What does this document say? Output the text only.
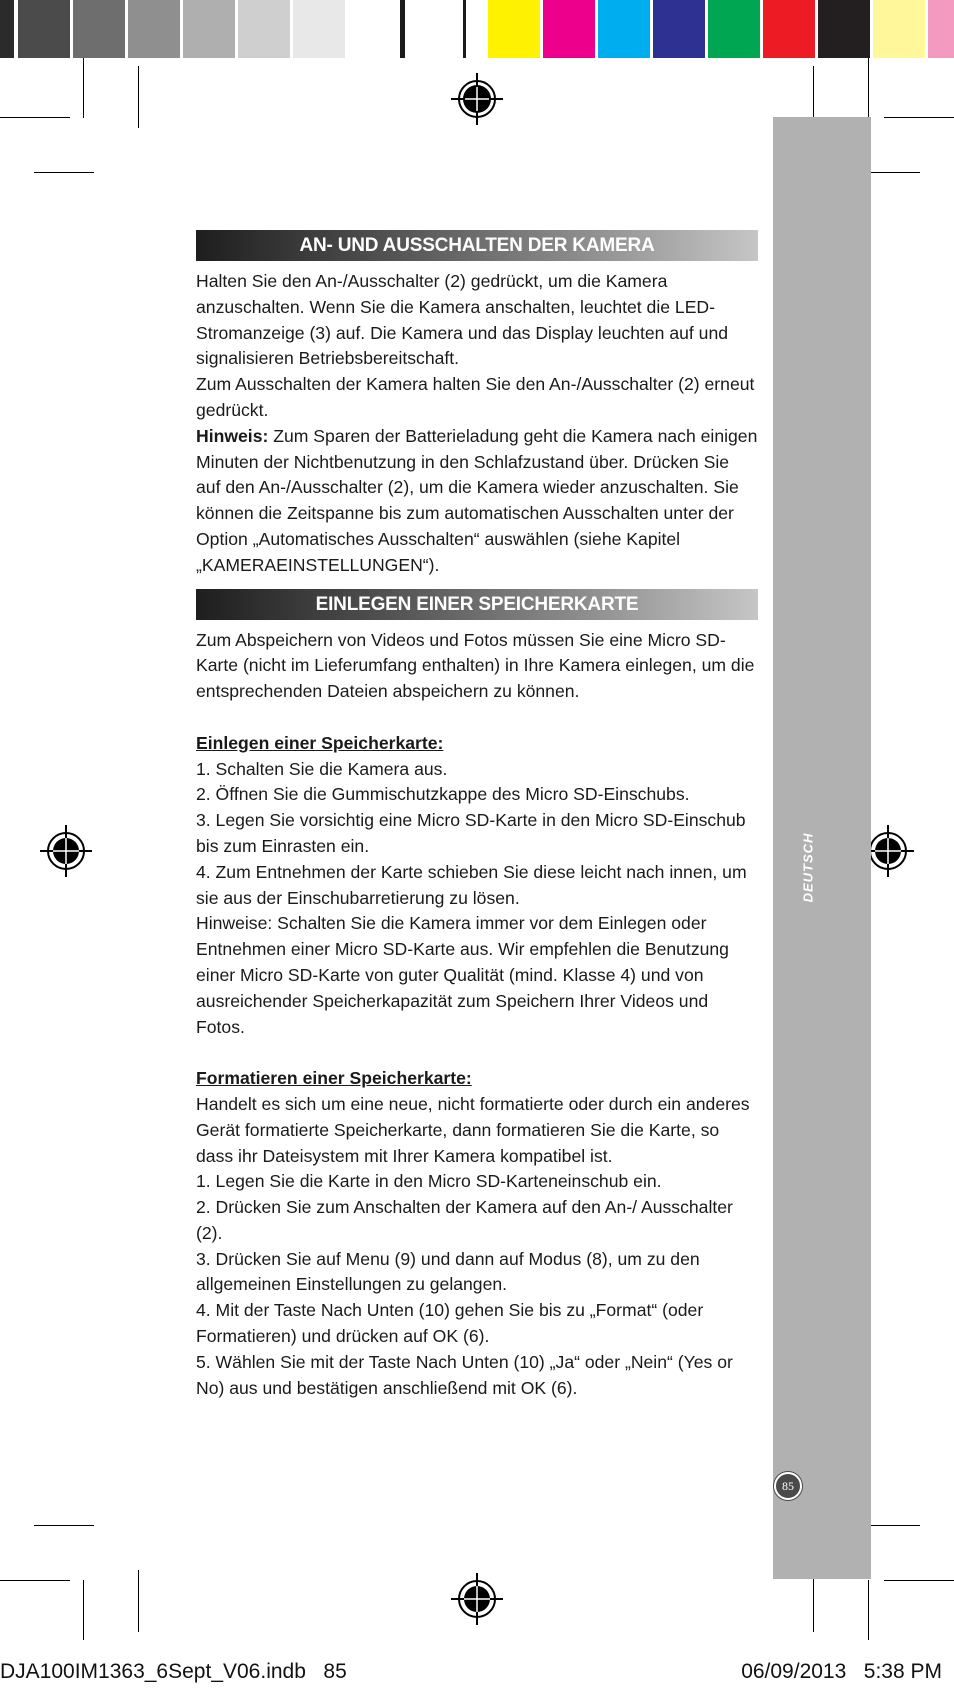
DEUTSCH
85
AN- UND AUSSCHALTEN DER KAMERA

Halten Sie den An-/Ausschalter (2) gedrückt, um die Kamera anzuschalten. Wenn Sie die Kamera anschalten, leuchtet die LED-Stromanzeige (3) auf. Die Kamera und das Display leuchten auf und signalisieren Betriebsbereitschaft.

Zum Ausschalten der Kamera halten Sie den An-/Ausschalter (2) erneut gedrückt.

Hinweis: Zum Sparen der Batterieladung geht die Kamera nach einigen Minuten der Nichtbenutzung in den Schlafzustand über. Drücken Sie auf den An-/Ausschalter (2), um die Kamera wieder anzuschalten. Sie können die Zeitspanne bis zum automatischen Ausschalten unter der Option „Automatisches Ausschalten“ auswählen (siehe Kapitel „KAMERAEINSTELLUNGEN“).

EINLEGEN EINER SPEICHERKARTE

Zum Abspeichern von Videos und Fotos müssen Sie eine Micro SD-Karte (nicht im Lieferumfang enthalten) in Ihre Kamera einlegen, um die entsprechenden Dateien abspeichern zu können.

Einlegen einer Speicherkarte:

1. Schalten Sie die Kamera aus.

2. Öffnen Sie die Gummischutzkappe des Micro SD-Einschubs.

3. Legen Sie vorsichtig eine Micro SD-Karte in den Micro SD-Einschub bis zum Einrasten ein.

4. Zum Entnehmen der Karte schieben Sie diese leicht nach innen, um sie aus der Einschubarretierung zu lösen.

Hinweise: Schalten Sie die Kamera immer vor dem Einlegen oder Entnehmen einer Micro SD-Karte aus. Wir empfehlen die Benutzung einer Micro SD-Karte von guter Qualität (mind. Klasse 4) und von ausreichender Speicherkapazität zum Speichern Ihrer Videos und Fotos.

Formatieren einer Speicherkarte:

Handelt es sich um eine neue, nicht formatierte oder durch ein anderes Gerät formatierte Speicherkarte, dann formatieren Sie die Karte, so dass ihr Dateisystem mit Ihrer Kamera kompatibel ist.

1. Legen Sie die Karte in den Micro SD-Karteneinschub ein.

2. Drücken Sie zum Anschalten der Kamera auf den An-/ Ausschalter (2).

3. Drücken Sie auf Menu (9) und dann auf Modus (8), um zu den allgemeinen Einstellungen zu gelangen.

4. Mit der Taste Nach Unten (10) gehen Sie bis zu „Format“ (oder Formatieren) und drücken auf OK (6).

5. Wählen Sie mit der Taste Nach Unten (10) „Ja“ oder „Nein“ (Yes or No) aus und bestätigen anschließend mit OK (6).

DJA100IM1363_6Sept_V06.indb   85	06/09/2013   5:38 PM
